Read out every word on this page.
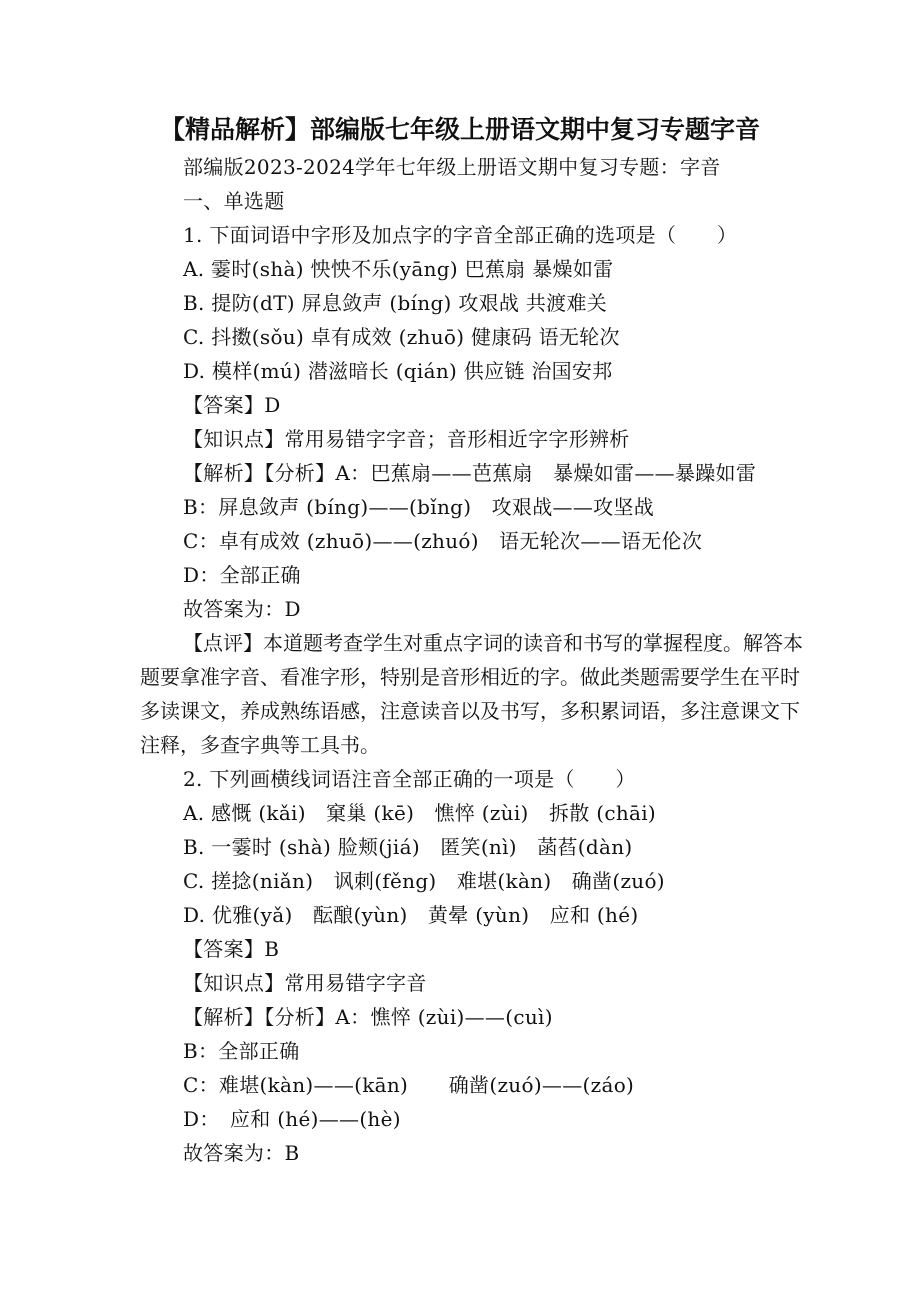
【精品解析】部编版七年级上册语文期中复习专题字音
部编版2023-2024学年七年级上册语文期中复习专题：字音
一、单选题
1. 下面词语中字形及加点字的字音全部正确的选项是（　　）
A. 霎时(shà) 怏怏不乐(yāng) 巴蕉扇 暴燥如雷
B. 提防(dT) 屏息敛声 (bíng) 攻艰战 共渡难关
C. 抖擞(sǒu) 卓有成效 (zhuō) 健康码 语无轮次
D. 模样(mú) 潜滋暗长 (qián) 供应链 治国安邦
【答案】D
【知识点】常用易错字字音；音形相近字字形辨析
【解析】【分析】A：巴蕉扇——芭蕉扇　暴燥如雷——暴躁如雷
B：屏息敛声 (bíng)——(bǐng)　攻艰战——攻坚战
C：卓有成效 (zhuō)——(zhuó)　语无轮次——语无伦次
D：全部正确
故答案为：D
【点评】本道题考查学生对重点字词的读音和书写的掌握程度。解答本题要拿准字音、看准字形，特别是音形相近的字。做此类题需要学生在平时多读课文，养成熟练语感，注意读音以及书写，多积累词语，多注意课文下注释，多查字典等工具书。
2. 下列画横线词语注音全部正确的一项是（　　）
A. 感慨 (kǎi)　窠巢 (kē)　憔悴 (zùi)　拆散 (chāi)
B. 一霎时 (shà) 脸颊(jiá)　匿笑(nì)　菡萏(dàn)
C. 搓捻(niǎn)　讽刺(fěng)　难堪(kàn)　确凿(zuó)
D. 优雅(yǎ)　酝酿(yùn)　黄晕 (yùn)　应和 (hé)
【答案】B
【知识点】常用易错字字音
【解析】【分析】A：憔悴 (zùi)——(cuì)
B：全部正确
C：难堪(kàn)——(kān)　　确凿(zuó)——(záo)
D：　应和 (hé)——(hè)
故答案为：B
